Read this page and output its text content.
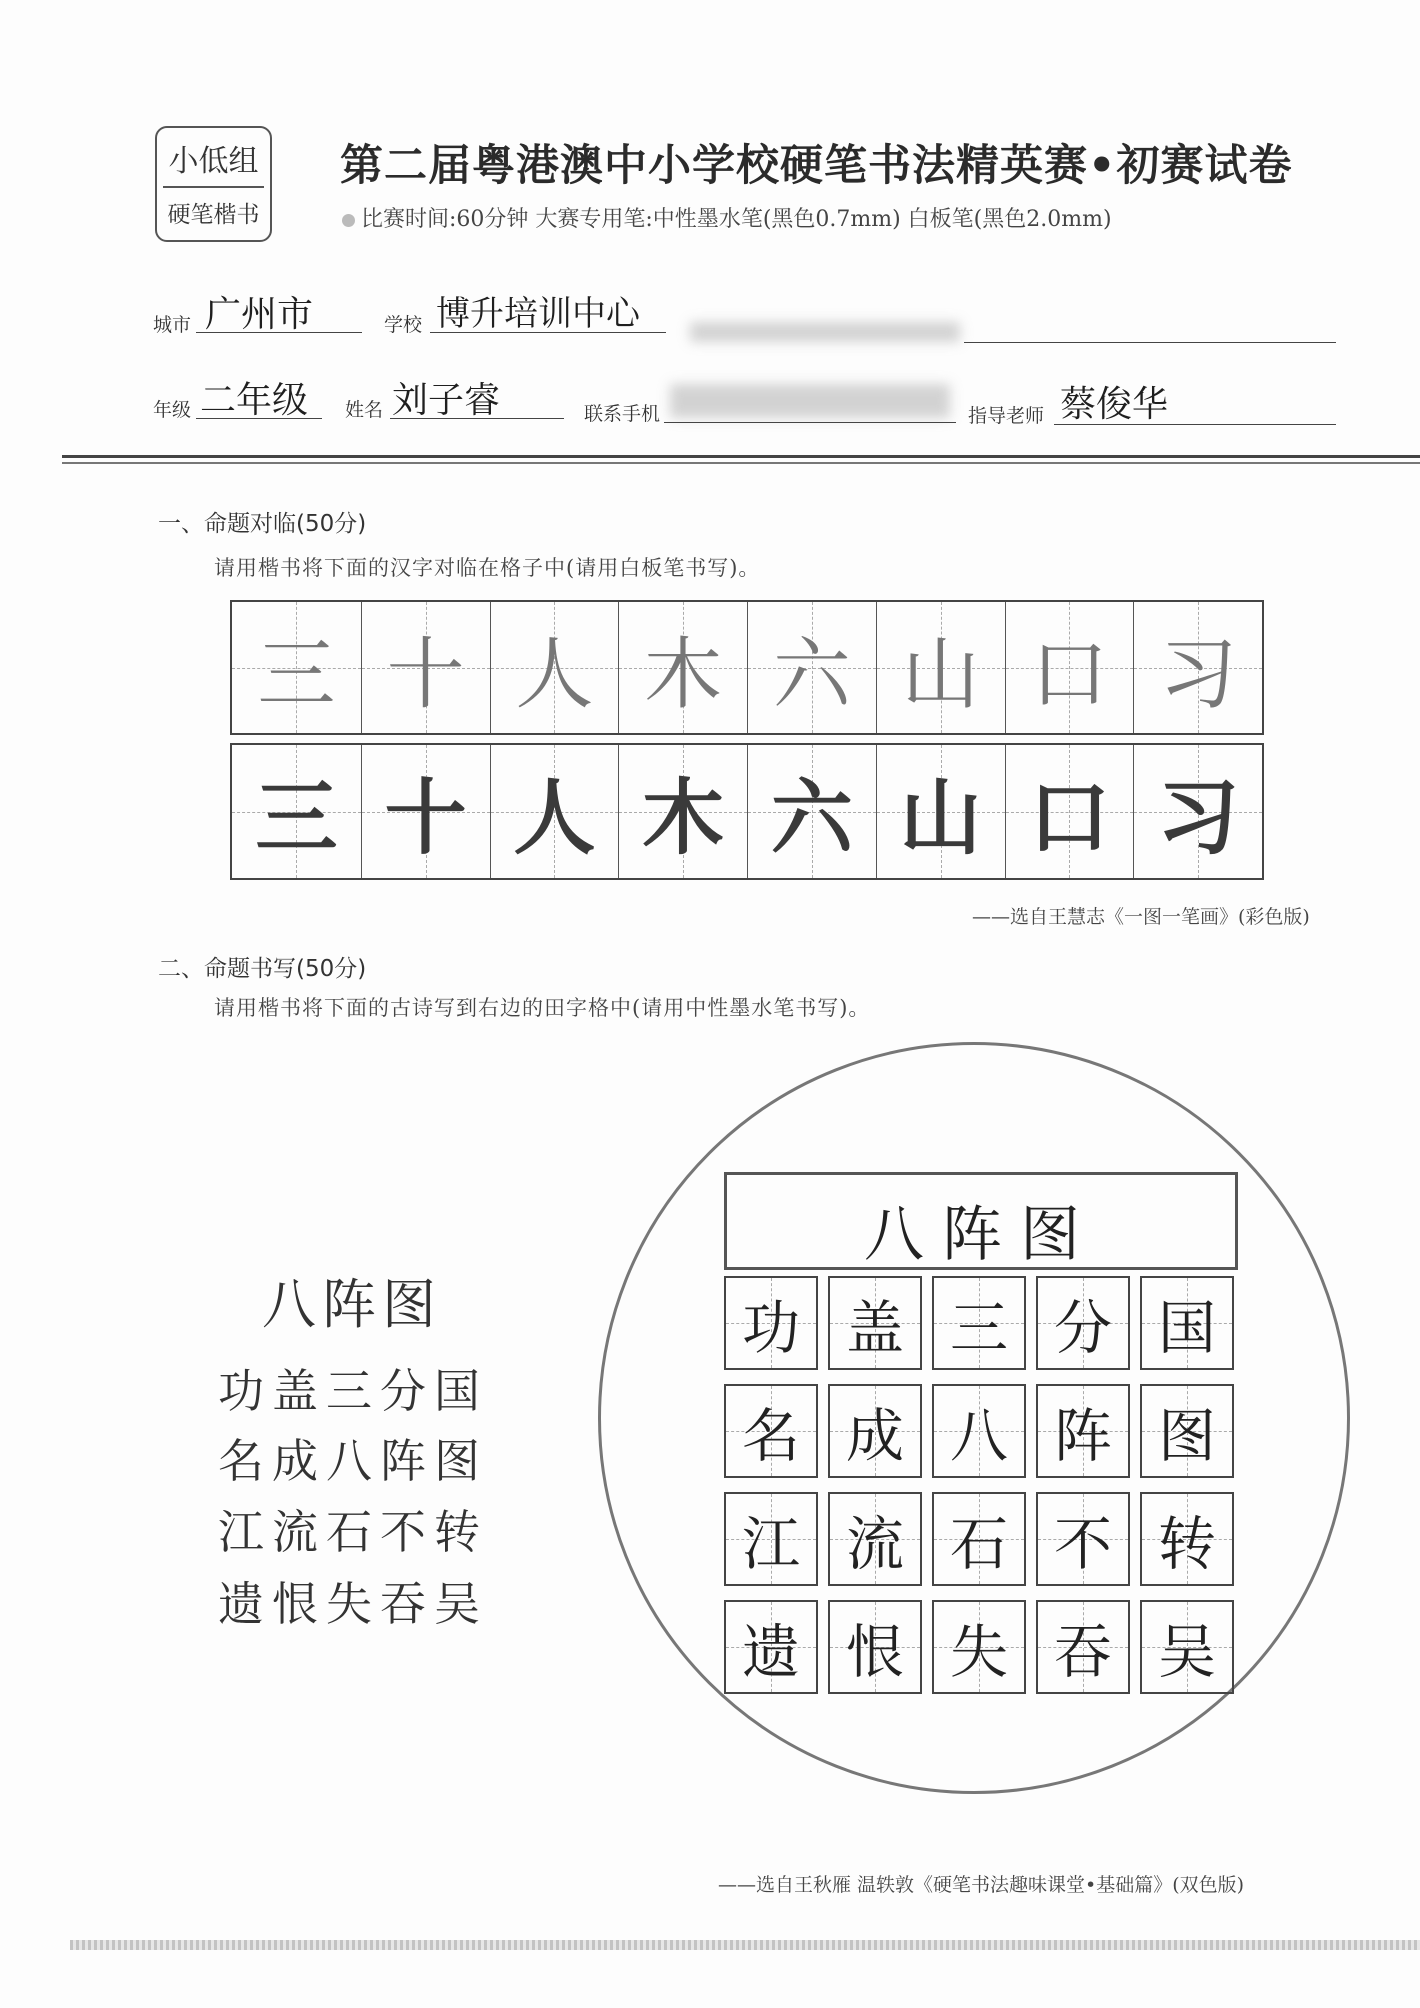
小低组
硬笔楷书
第二届粤港澳中小学校硬笔书法精英赛•初赛试卷
比赛时间:60分钟 大赛专用笔:中性墨水笔(黑色0.7mm) 白板笔(黑色2.0mm)
城市 广州市	学校 博升培训中心
年级 二年级 姓名 刘子睿	联系手机	指导老师 蔡俊华
一、命题对临(50分)
请用楷书将下面的汉字对临在格子中(请用白板笔书写)。
三 十 人 木 六 山 口 习
三 十 人 木 六 山 口 习
——选自王慧志《一图一笔画》(彩色版)
二、命题书写(50分)
请用楷书将下面的古诗写到右边的田字格中(请用中性墨水笔书写)。
八阵图
功盖三分国
名成八阵图
江流石不转
遗恨失吞吴
八阵图
功 盖 三 分 国
名 成 八 阵 图
江 流 石 不 转
遗 恨 失 吞 吴
——选自王秋雁 温轶敦《硬笔书法趣味课堂•基础篇》(双色版)
